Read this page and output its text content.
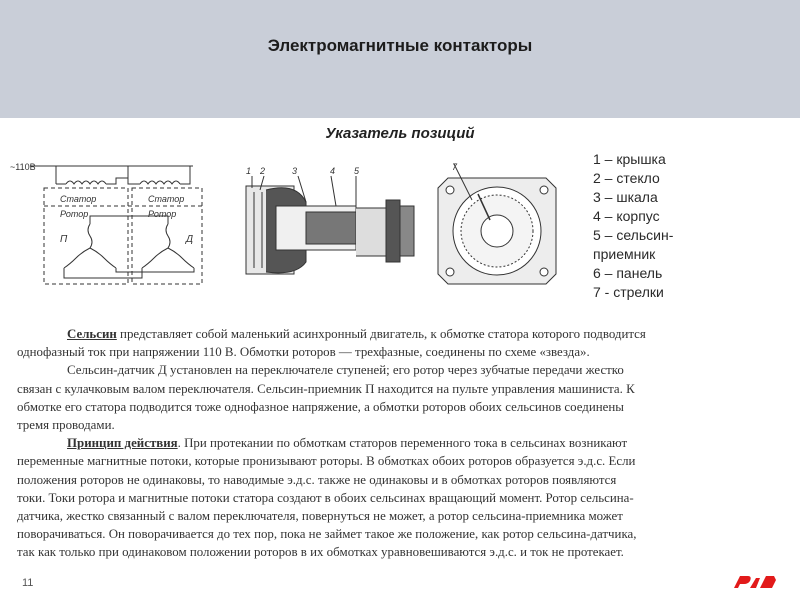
Электромагнитные контакторы
Указатель позиций
~110В
Статор
Ротор
Статор
Ротор
П	Д
1 2	3	4 5	7	1 – крышка
2 – стекло
3 – шкала
4 – корпус
5 – сельсин-
приемник
6 – панель
7 - стрелки
Сельсин представляет собой маленький асинхронный двигатель, к обмотке статора которого подводится
однофазный ток при напряжении 110 В. Обмотки роторов — трехфазные, соединены по схеме «звезда».
Сельсин-датчик Д установлен на переключателе ступеней; его ротор через зубчатые передачи жестко
связан с кулачковым валом переключателя. Сельсин-приемник П находится на пульте управления машиниста. К
обмотке его статора подводится тоже однофазное напряжение, а обмотки роторов обоих сельсинов соединены
тремя проводами.
Принцип действия. При протекании по обмоткам статоров переменного тока в сельсинах возникают
переменные магнитные потоки, которые пронизывают роторы. В обмотках обоих роторов образуется э.д.с. Если
положения роторов не одинаковы, то наводимые э.д.с. также не одинаковы и в обмотках роторов появляются
токи. Токи ротора и магнитные потоки статора создают в обоих сельсинах вращающий момент. Ротор сельсина-
датчика, жестко связанный с валом переключателя, повернуться не может, а ротор сельсина-приемника может
поворачиваться. Он поворачивается до тех пор, пока не займет такое же положение, как ротор сельсина-датчика,
так как только при одинаковом положении роторов в их обмотках уравновешиваются э.д.с. и ток не протекает.
11
